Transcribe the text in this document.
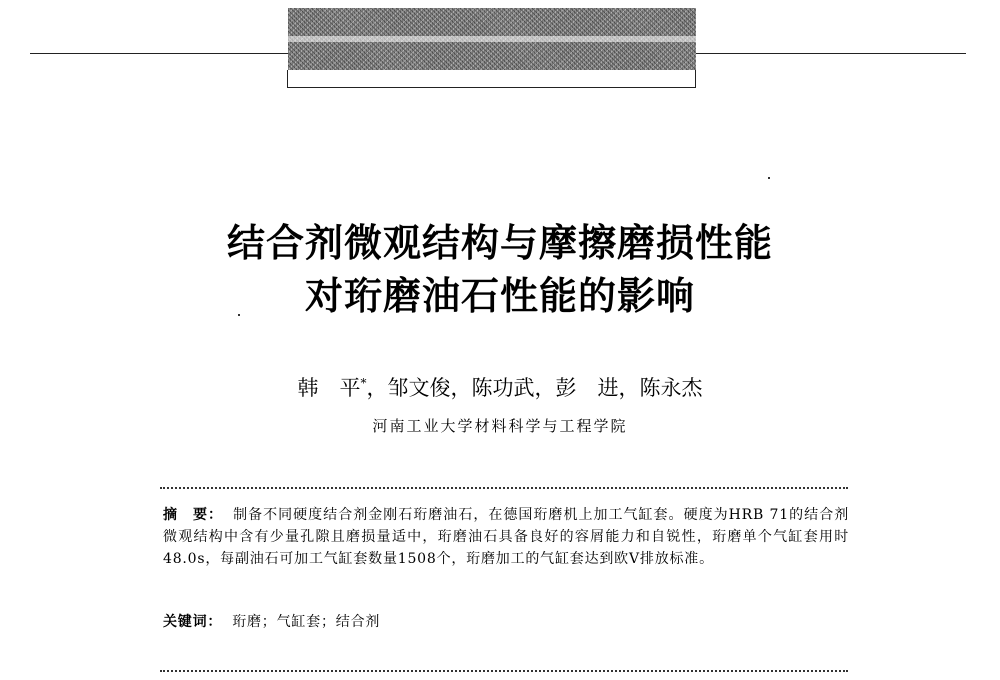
结合剂微观结构与摩擦磨损性能
对珩磨油石性能的影响
韩　平*，邹文俊，陈功武，彭　进，陈永杰
河南工业大学材料科学与工程学院
摘　要： 制备不同硬度结合剂金刚石珩磨油石，在德国珩磨机上加工气缸套。硬度为HRB 71的结合剂微观结构中含有少量孔隙且磨损量适中，珩磨油石具备良好的容屑能力和自锐性，珩磨单个气缸套用时48.0s，每副油石可加工气缸套数量1508个，珩磨加工的气缸套达到欧Ⅴ排放标准。
关键词： 珩磨；气缸套；结合剂
